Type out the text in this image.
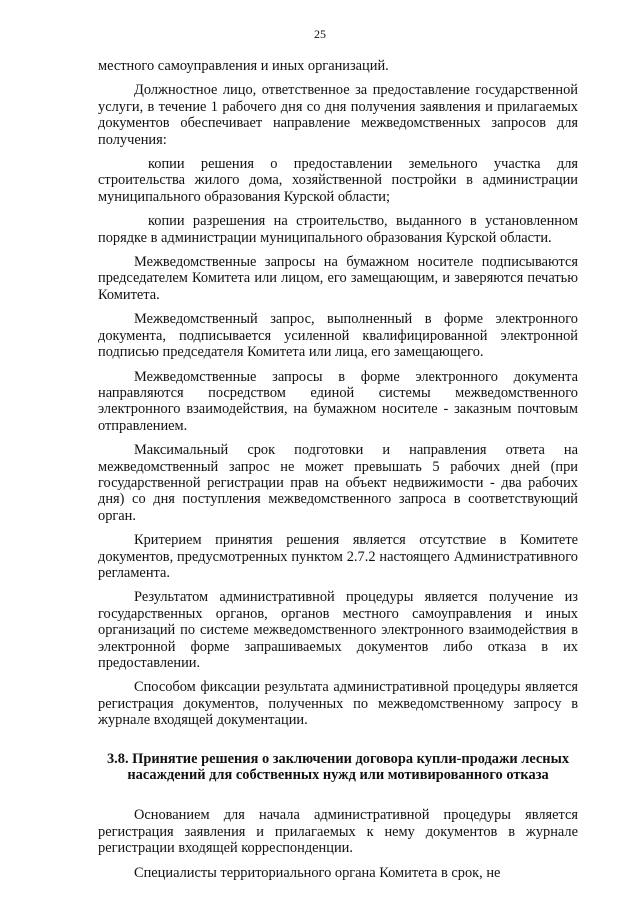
25

местного самоуправления и иных организаций.

Должностное лицо, ответственное за предоставление государственной услуги, в течение 1 рабочего дня со дня получения заявления и прилагаемых документов обеспечивает направление межведомственных запросов для получения:

копии решения о предоставлении земельного участка для строительства жилого дома, хозяйственной постройки в администрации муниципального образования Курской области;

копии разрешения на строительство, выданного в установленном порядке в администрации муниципального образования Курской области.

Межведомственные запросы на бумажном носителе подписываются председателем Комитета или лицом, его замещающим, и заверяются печатью Комитета.

Межведомственный запрос, выполненный в форме электронного документа, подписывается усиленной квалифицированной электронной подписью председателя Комитета или лица, его замещающего.

Межведомственные запросы в форме электронного документа направляются посредством единой системы межведомственного электронного взаимодействия, на бумажном носителе - заказным почтовым отправлением.

Максимальный срок подготовки и направления ответа на межведомственный запрос не может превышать 5 рабочих дней (при государственной регистрации прав на объект недвижимости - два рабочих дня) со дня поступления межведомственного запроса в соответствующий орган.

Критерием принятия решения является отсутствие в Комитете документов, предусмотренных пунктом 2.7.2 настоящего Административного регламента.

Результатом административной процедуры является получение из государственных органов, органов местного самоуправления и иных организаций по системе межведомственного электронного взаимодействия в электронной форме запрашиваемых документов либо отказа в их предоставлении.

Способом фиксации результата административной процедуры является регистрация документов, полученных по межведомственному запросу в журнале входящей документации.

3.8. Принятие решения о заключении договора купли-продажи лесных насаждений для собственных нужд или мотивированного отказа

Основанием для начала административной процедуры является регистрация заявления и прилагаемых к нему документов в журнале регистрации входящей корреспонденции.

Специалисты территориального органа Комитета в срок, не
